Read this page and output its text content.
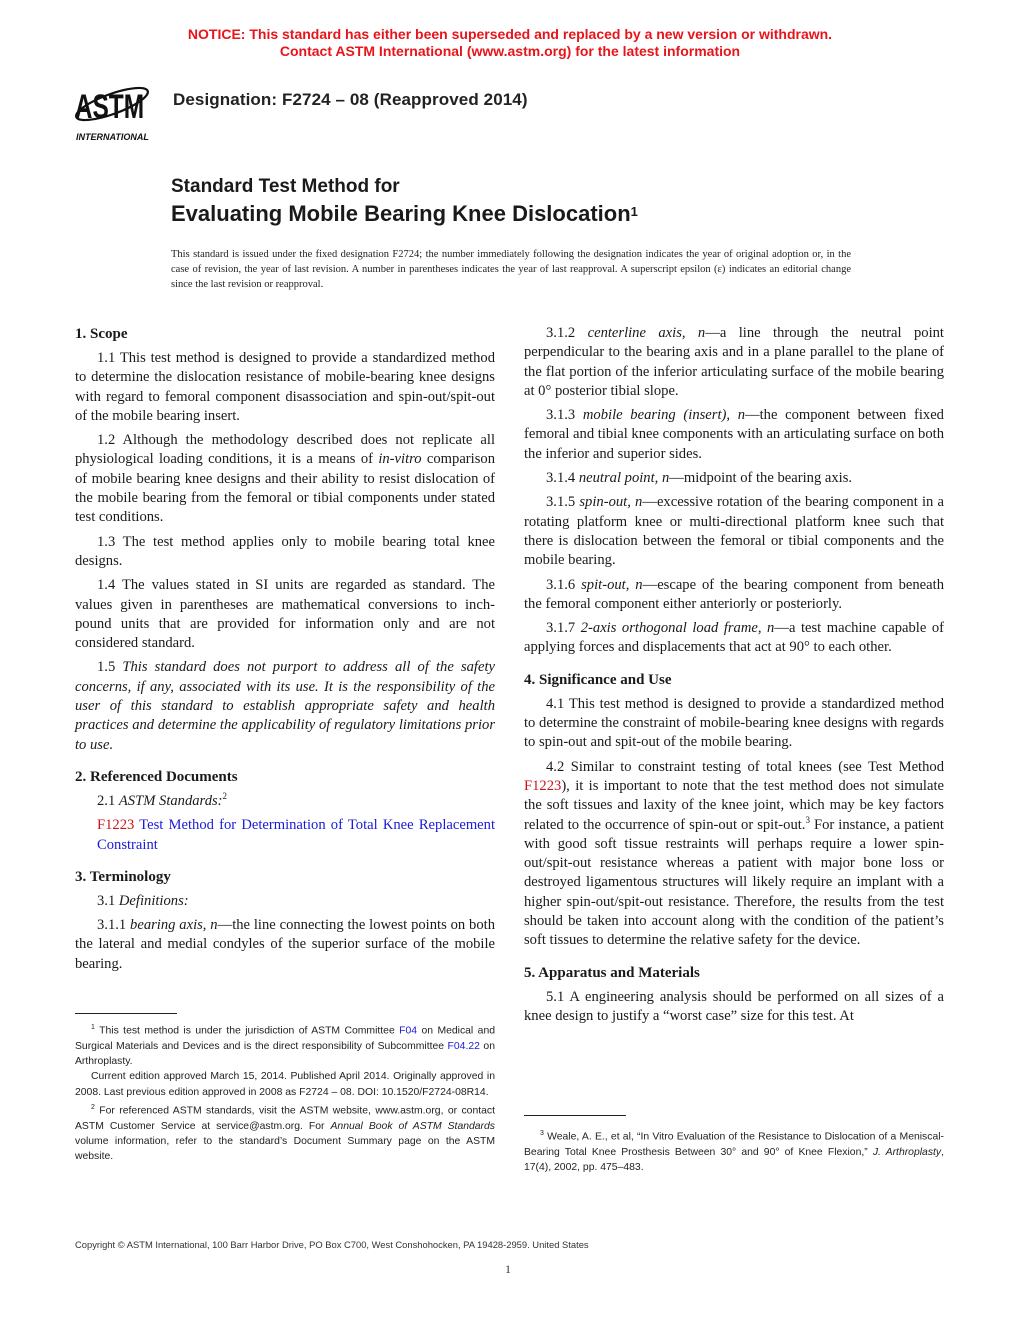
NOTICE: This standard has either been superseded and replaced by a new version or withdrawn.
Contact ASTM International (www.astm.org) for the latest information
ASTM
INTERNATIONAL
Designation: F2724 – 08 (Reapproved 2014)
Standard Test Method for
Evaluating Mobile Bearing Knee Dislocation$^1$
This standard is issued under the fixed designation F2724; the number immediately following the designation indicates the year of original adoption or, in the case of revision, the year of last revision. A number in parentheses indicates the year of last reapproval. A superscript epsilon (ε) indicates an editorial change since the last revision or reapproval.
1. Scope

1.1 This test method is designed to provide a standardized method to determine the dislocation resistance of mobile-bearing knee designs with regard to femoral component disassociation and spin-out/spit-out of the mobile bearing insert.

1.2 Although the methodology described does not replicate all physiological loading conditions, it is a means of in-vitro comparison of mobile bearing knee designs and their ability to resist dislocation of the mobile bearing from the femoral or tibial components under stated test conditions.

1.3 The test method applies only to mobile bearing total knee designs.

1.4 The values stated in SI units are regarded as standard. The values given in parentheses are mathematical conversions to inch-pound units that are provided for information only and are not considered standard.

1.5 This standard does not purport to address all of the safety concerns, if any, associated with its use. It is the responsibility of the user of this standard to establish appropriate safety and health practices and determine the applicability of regulatory limitations prior to use.

2. Referenced Documents

2.1 ASTM Standards:$^2$

F1223 Test Method for Determination of Total Knee Replacement Constraint
3. Terminology

3.1 Definitions:

3.1.1 bearing axis, n—the line connecting the lowest points on both the lateral and medial condyles of the superior surface of the mobile bearing.

$^1$ This test method is under the jurisdiction of ASTM Committee F04 on Medical and Surgical Materials and Devices and is the direct responsibility of Subcommittee F04.22 on Arthroplasty.

Current edition approved March 15, 2014. Published April 2014. Originally approved in 2008. Last previous edition approved in 2008 as F2724 – 08. DOI: 10.1520/F2724-08R14.

$^2$ For referenced ASTM standards, visit the ASTM website, www.astm.org, or contact ASTM Customer Service at service@astm.org. For Annual Book of ASTM Standards volume information, refer to the standard’s Document Summary page on the ASTM website.

3.1.2 centerline axis, n—a line through the neutral point perpendicular to the bearing axis and in a plane parallel to the plane of the flat portion of the inferior articulating surface of the mobile bearing at 0° posterior tibial slope.

3.1.3 mobile bearing (insert), n—the component between fixed femoral and tibial knee components with an articulating surface on both the inferior and superior sides.

3.1.4 neutral point, n—midpoint of the bearing axis.

3.1.5 spin-out, n—excessive rotation of the bearing component in a rotating platform knee or multi-directional platform knee such that there is dislocation between the femoral or tibial components and the mobile bearing.

3.1.6 spit-out, n—escape of the bearing component from beneath the femoral component either anteriorly or posteriorly.

3.1.7 2-axis orthogonal load frame, n—a test machine capable of applying forces and displacements that act at 90° to each other.

4. Significance and Use

4.1 This test method is designed to provide a standardized method to determine the constraint of mobile-bearing knee designs with regards to spin-out and spit-out of the mobile bearing.

4.2 Similar to constraint testing of total knees (see Test Method F1223), it is important to note that the test method does not simulate the soft tissues and laxity of the knee joint, which may be key factors related to the occurrence of spin-out or spit-out.$^3$ For instance, a patient with good soft tissue restraints will perhaps require a lower spin-out/spit-out resistance whereas a patient with major bone loss or destroyed ligamentous structures will likely require an implant with a higher spin-out/spit-out resistance. Therefore, the results from the test should be taken into account along with the condition of the patient’s soft tissues to determine the relative safety for the device.

5. Apparatus and Materials

5.1 A engineering analysis should be performed on all sizes of a knee design to justify a “worst case” size for this test. At

$^3$ Weale, A. E., et al, “In Vitro Evaluation of the Resistance to Dislocation of a Meniscal-Bearing Total Knee Prosthesis Between 30° and 90° of Knee Flexion,” J. Arthroplasty, 17(4), 2002, pp. 475–483.

Copyright © ASTM International, 100 Barr Harbor Drive, PO Box C700, West Conshohocken, PA 19428-2959. United States
1
